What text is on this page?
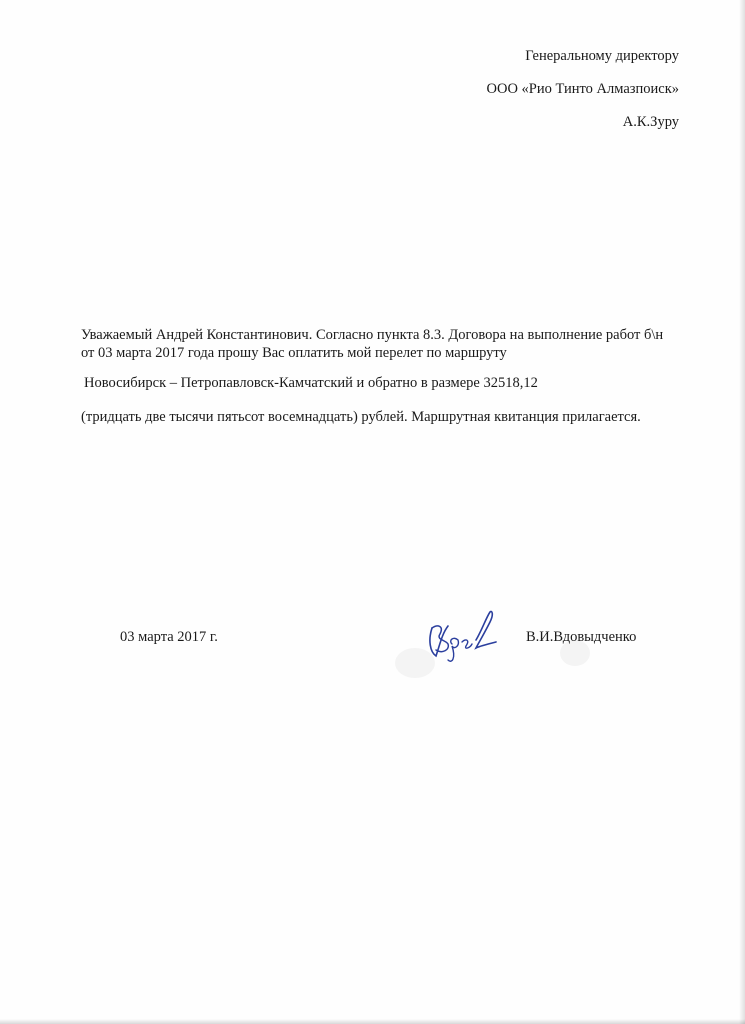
Генеральному директору
ООО «Рио Тинто Алмазпоиск»
А.К.Зуру
Уважаемый Андрей Константинович. Согласно пункта 8.3. Договора на выполнение работ б\н
от 03 марта 2017 года прошу Вас оплатить мой перелет по маршруту
Новосибирск – Петропавловск-Камчатский и обратно в размере 32518,12
(тридцать две тысячи пятьсот восемнадцать) рублей. Маршрутная квитанция прилагается.
03 марта 2017 г.	В.И.Вдовыдченко
